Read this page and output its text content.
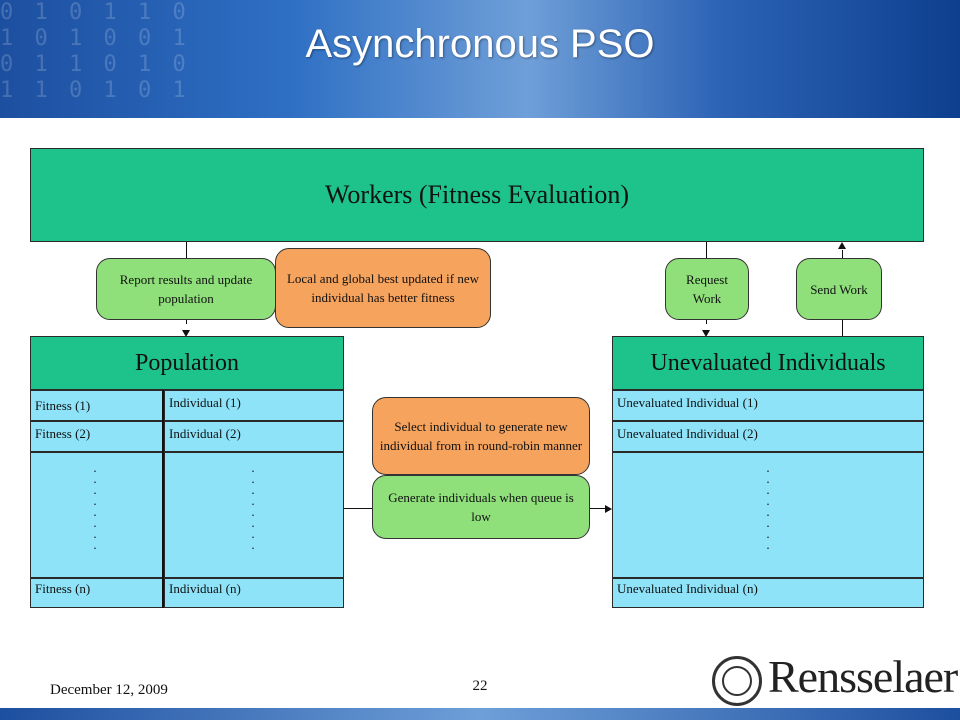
0 1 0 1 1 0
1 0 1 0 0 1
0 1 1 0 1 0
1 1 0 1 0 1
Asynchronous PSO
Workers (Fitness Evaluation)
Report results and update population
Local and global best updated if new individual has better fitness
Request Work
Send Work
Population
Fitness (1)	Individual (1)
Fitness (2)	Individual (2)
.
.
.
.
.
.
.
.
.
.
.
.
.
.
.
.
Fitness (n)	Individual (n)
Unevaluated Individuals
Unevaluated Individual (1)
Unevaluated Individual (2)
.
.
.
.
.
.
.
.
Unevaluated Individual (n)
Select individual to generate new individual from in round-robin manner
Generate individuals when queue is low
December 12, 2009	22	Rensselaer
